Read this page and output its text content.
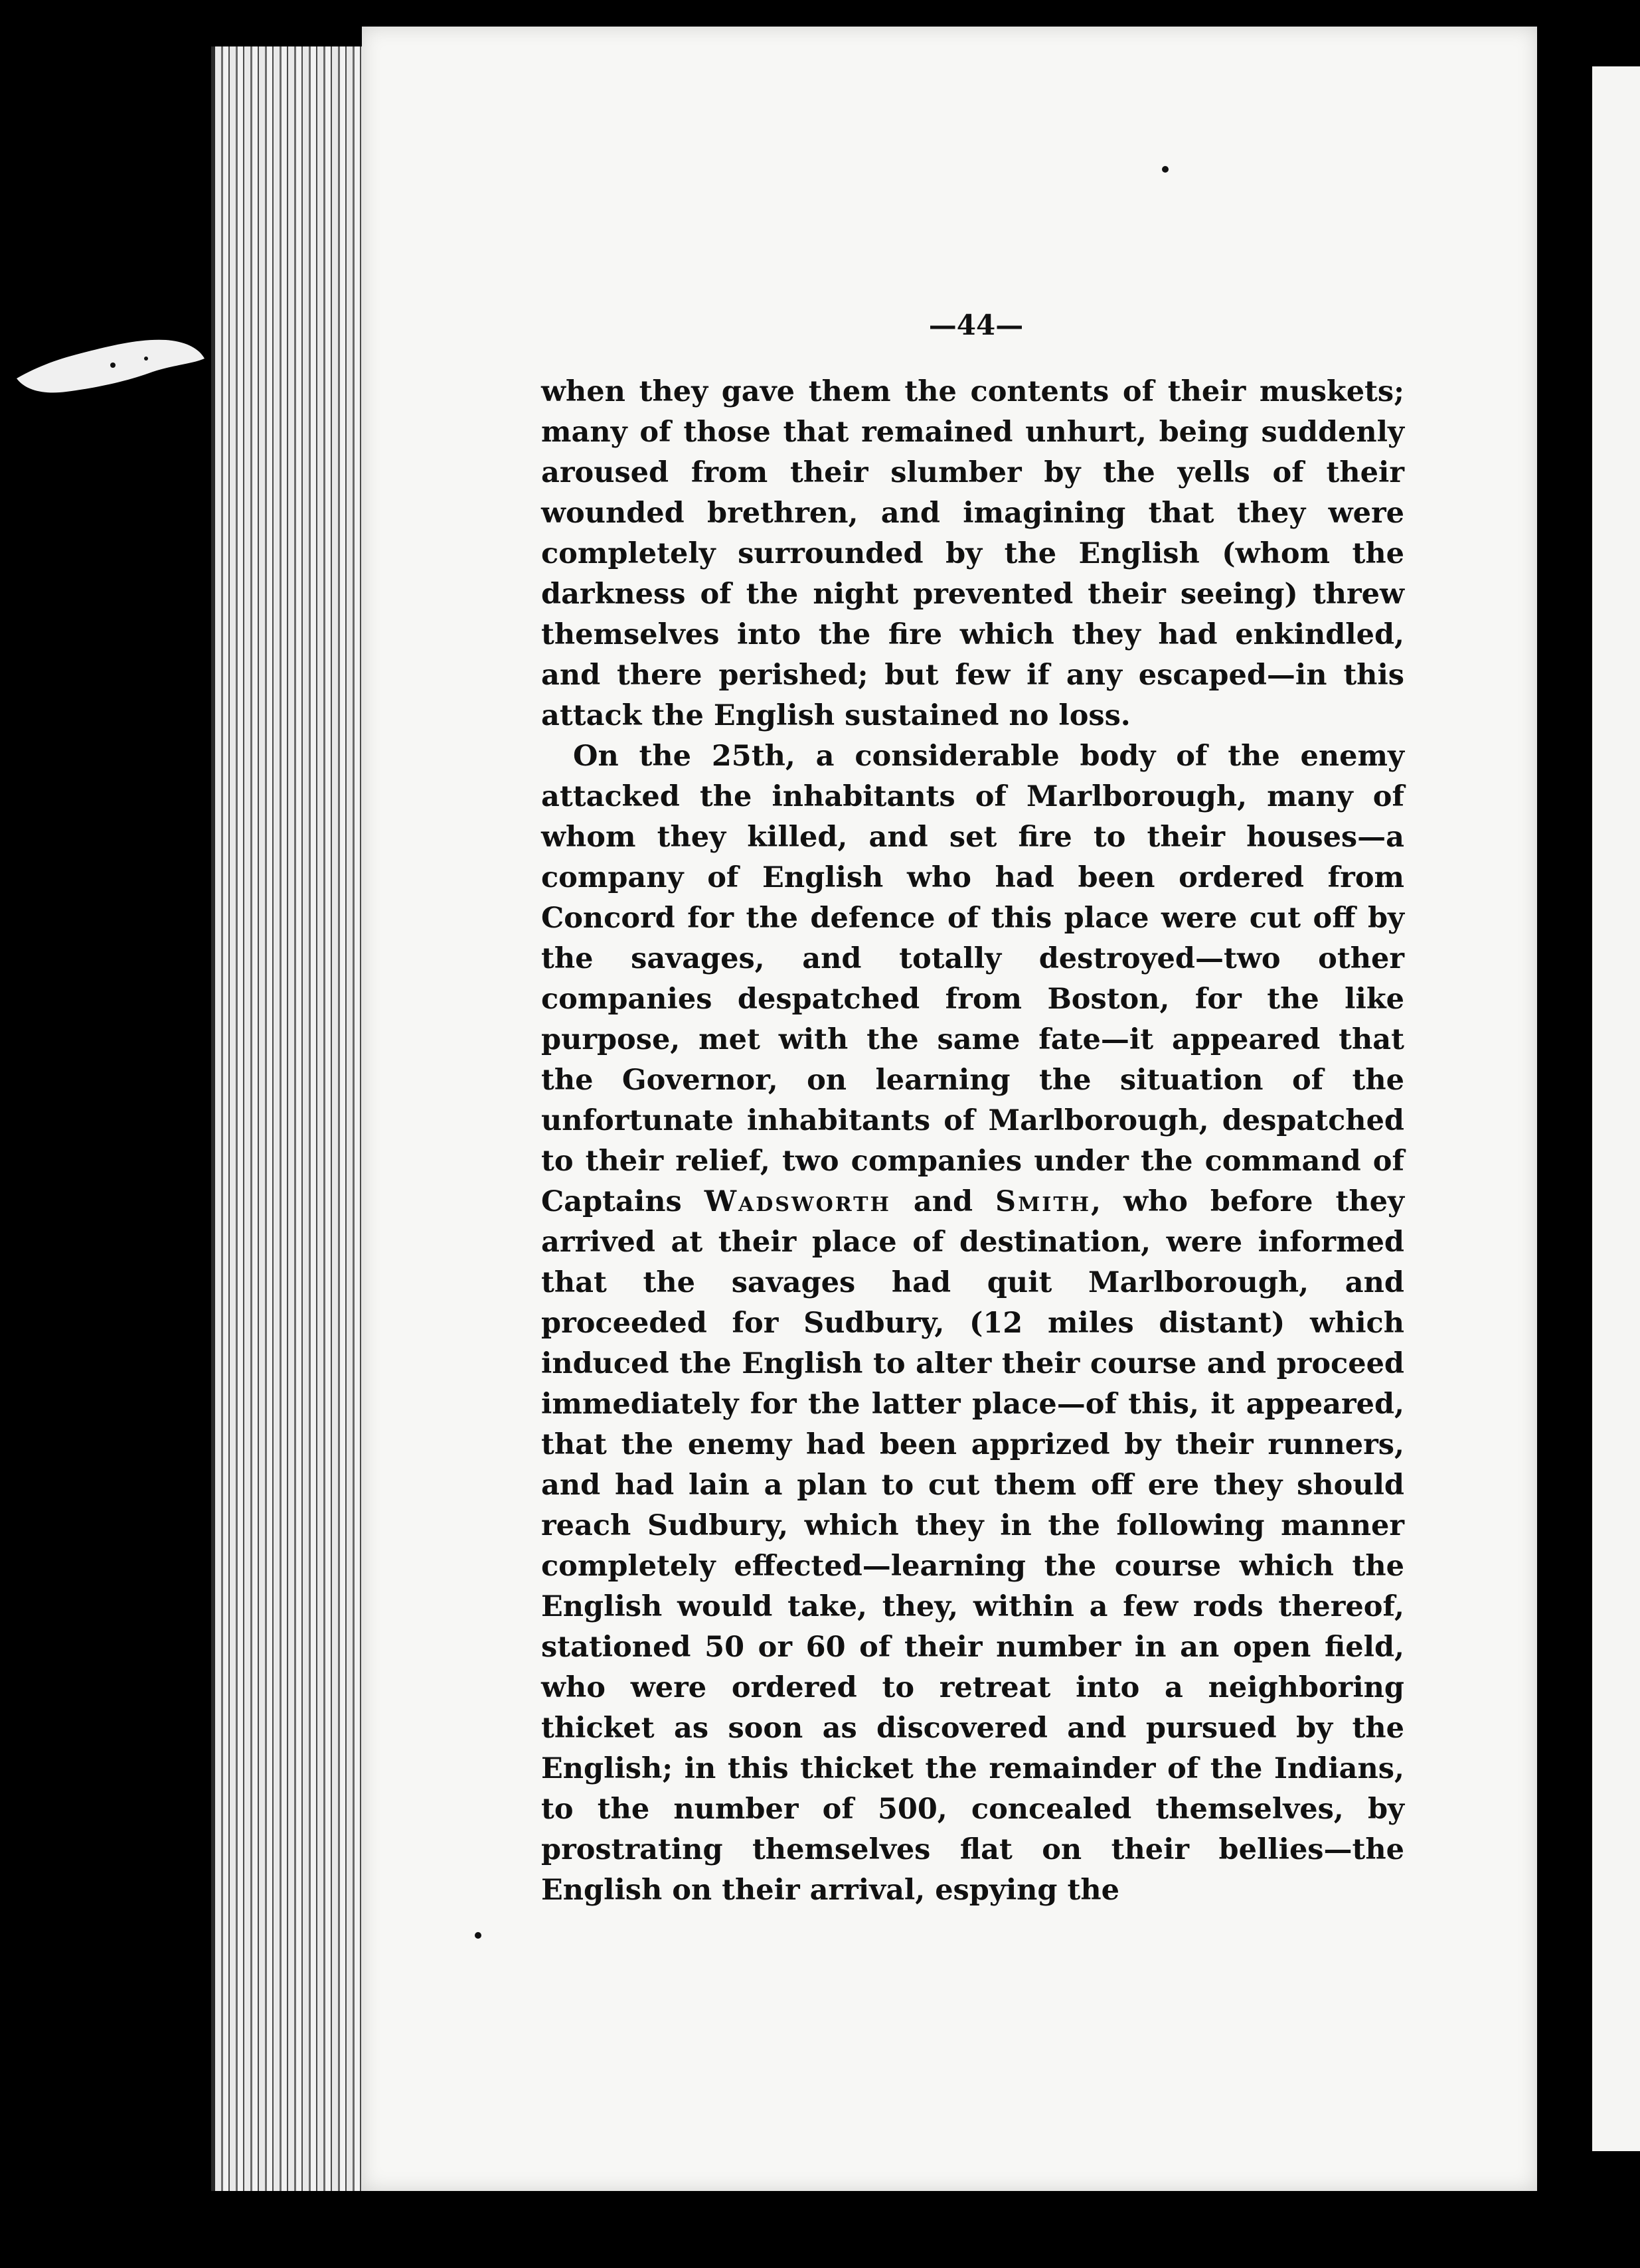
—44—

when they gave them the contents of their muskets; many of those that remained unhurt, being suddenly aroused from their slumber by the yells of their wounded brethren, and imagining that they were completely surrounded by the English (whom the darkness of the night prevented their seeing) threw themselves into the fire which they had enkindled, and there perished; but few if any escaped—in this attack the English sustained no loss.

On the 25th, a considerable body of the enemy attacked the inhabitants of Marlborough, many of whom they killed, and set fire to their houses—a company of English who had been ordered from Concord for the defence of this place were cut off by the savages, and totally destroyed—two other companies despatched from Boston, for the like purpose, met with the same fate—it appeared that the Governor, on learning the situation of the unfortunate inhabitants of Marlborough, despatched to their relief, two companies under the command of Captains Wadsworth and Smith, who before they arrived at their place of destination, were informed that the savages had quit Marlborough, and proceeded for Sudbury, (12 miles distant) which induced the English to alter their course and proceed immediately for the latter place—of this, it appeared, that the enemy had been apprized by their runners, and had lain a plan to cut them off ere they should reach Sudbury, which they in the following manner completely effected—learning the course which the English would take, they, within a few rods thereof, stationed 50 or 60 of their number in an open field, who were ordered to retreat into a neighboring thicket as soon as discovered and pursued by the English; in this thicket the remainder of the Indians, to the number of 500, concealed themselves, by prostrating themselves flat on their bellies—the English on their arrival, espying the
